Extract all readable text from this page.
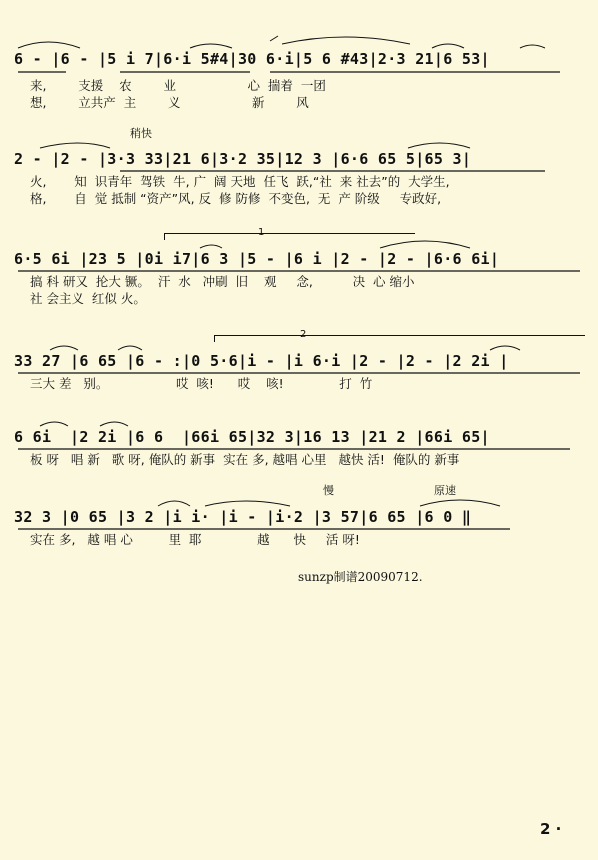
6 - |6 - |5 i 7|6·i 5#4|30 6·i|5 6 #43|2·3 21|6 53|
来,        支援    农        业                  心  揣着  一团
想,        立共产  主        义                  新        风
稍快
2 - |2 - |3·3 33|21 6|3·2 35|12 3 |6·6 65 5|65 3|
火,       知  识青年  驾铁  牛, 广  阔 天地  任飞  跃,“社  来 社去”的  大学生,
格,       自  觉 抵制 “资产”风, 反  修 防修  不变色,  无  产 阶级     专政好,
1
6·5 6i |23 5 |0i i7|6 3 |5 - |6 i |2 - |2 - |6·6 6i|
搞 科 研又  抡大 镢。  汗  水   冲刷  旧    观     念,          决  心 缩小
社 会主义  红似 火。
2
33 27 |6 65 |6 - :|0 5·6|i - |i 6·i |2 - |2 - |2 2i |
三大 差   别。                 哎  咳!      哎    咳!              打  竹
6 6i  |2 2i |6 6  |66i 65|32 3|16 13 |21 2 |66i 65|
板 呀   唱 新   歌 呀, 俺队的 新事  实在 多, 越唱 心里   越快 活!  俺队的 新事
慢	原速
32 3 |0 65 |3 2 |i i· |i - |i·2 |3 57|6 65 |6 0 ‖
实在 多,   越 唱 心         里  耶              越      快     活 呀!
sunzp制谱20090712.
2 ·
